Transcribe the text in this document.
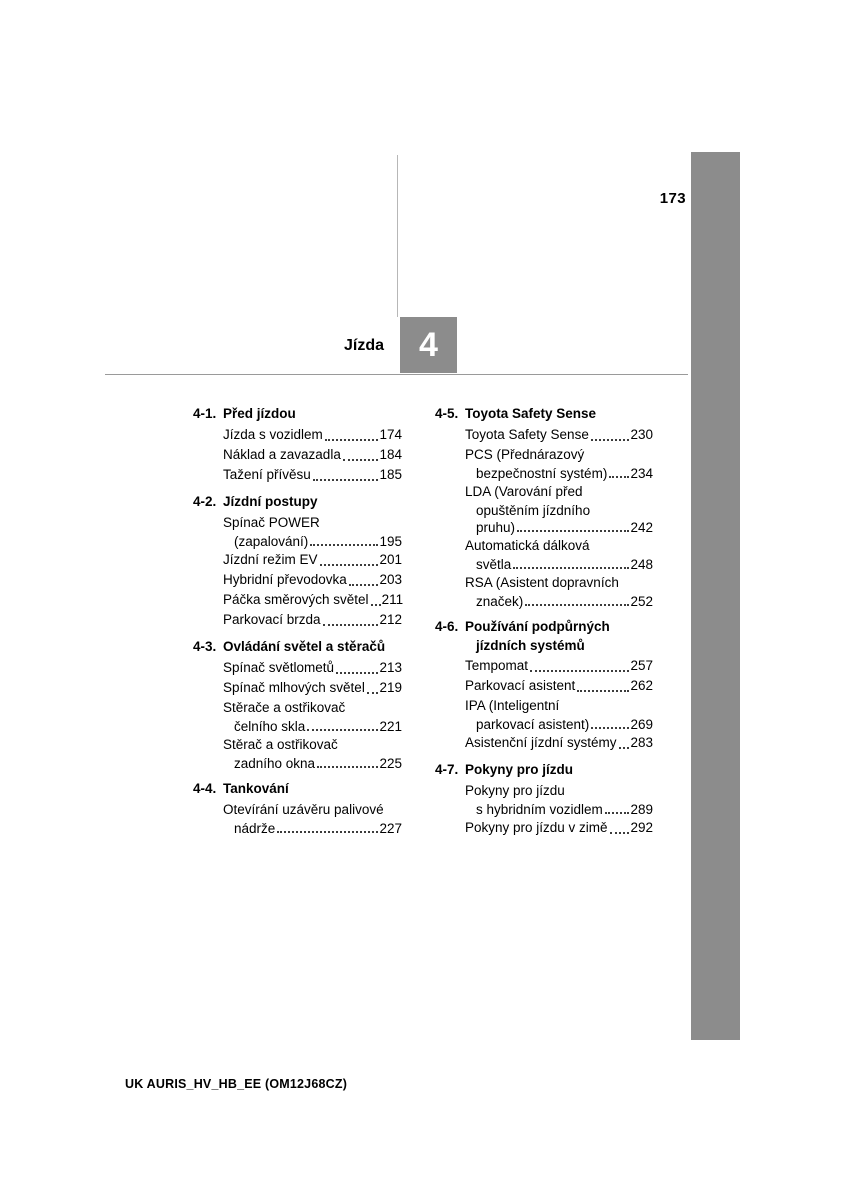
173
Jízda	4
4-1. Před jízdou
Jízda s vozidlem	174
Náklad a zavazadla	184
Tažení přívěsu	185
4-2. Jízdní postupy
Spínač POWER
(zapalování)	195
Jízdní režim EV	201
Hybridní převodovka 203
Páčka směrových světel 211
Parkovací brzda	212
4-3. Ovládání světel a stěračů
Spínač světlometů	213
Spínač mlhových světel 219
Stěrače a ostřikovač
čelního skla	221
Stěrač a ostřikovač
zadního okna	225
4-4. Tankování
Otevírání uzávěru palivové
nádrže	227
4-5. Toyota Safety Sense
Toyota Safety Sense	230
PCS (Přednárazový
bezpečnostní systém) 234
LDA (Varování před
opuštěním jízdního
pruhu)	242
Automatická dálková
světla	248
RSA (Asistent dopravních
značek)	252
4-6. Používání podpůrných
jízdních systémů
Tempomat	257
Parkovací asistent	262
IPA (Inteligentní
parkovací asistent)	269
Asistenční jízdní systémy 283
4-7. Pokyny pro jízdu
Pokyny pro jízdu
s hybridním vozidlem 289
Pokyny pro jízdu v zimě 292
UK AURIS_HV_HB_EE (OM12J68CZ)
